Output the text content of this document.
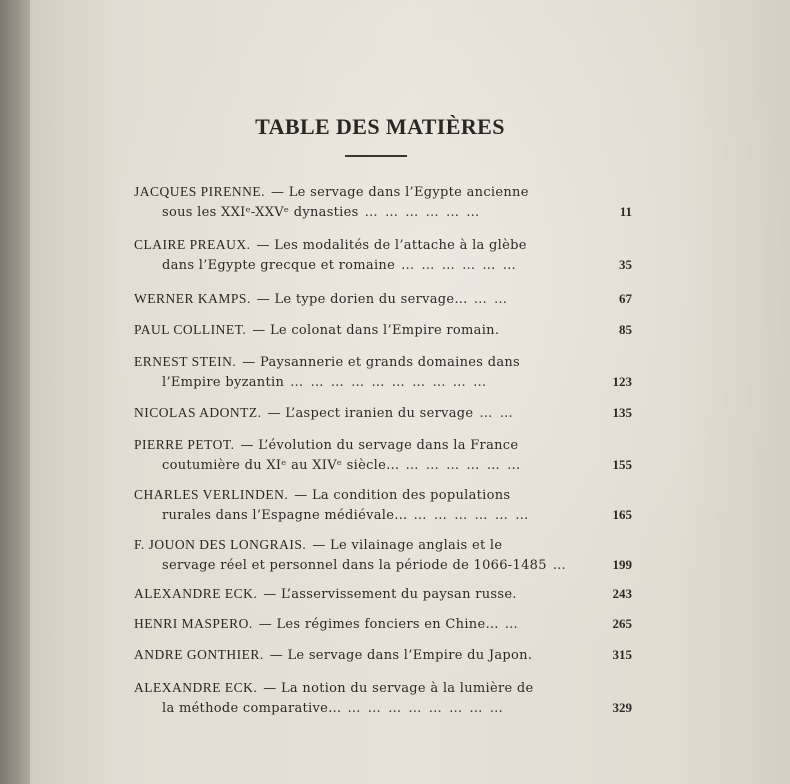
TABLE DES MATIÈRES
JACQUES PIRENNE. — Le servage dans l’Egypte ancienne
sous les XXIᵉ-XXVᵉ dynasties … … … … … …	11
CLAIRE PREAUX. — Les modalités de l’attache à la glèbe
dans l’Egypte grecque et romaine … … … … … …	35
WERNER KAMPS. — Le type dorien du servage… … …	67
PAUL COLLINET. — Le colonat dans l’Empire romain.	85
ERNEST STEIN. — Paysannerie et grands domaines dans
l’Empire byzantin … … … … … … … … … …	123
NICOLAS ADONTZ. — L’aspect iranien du servage … …	135
PIERRE PETOT. — L’évolution du servage dans la France
coutumière du XIᵉ au XIVᵉ siècle… … … … … … …	155
CHARLES VERLINDEN. — La condition des populations
rurales dans l’Espagne médiévale… … … … … … …	165
F. JOUON DES LONGRAIS. — Le vilainage anglais et le
servage réel et personnel dans la période de 1066-1485 …	199
ALEXANDRE ECK. — L’asservissement du paysan russe.	243
HENRI MASPERO. — Les régimes fonciers en Chine… …	265
ANDRE GONTHIER. — Le servage dans l’Empire du Japon.	315
ALEXANDRE ECK. — La notion du servage à la lumière de
la méthode comparative… … … … … … … … …	329
